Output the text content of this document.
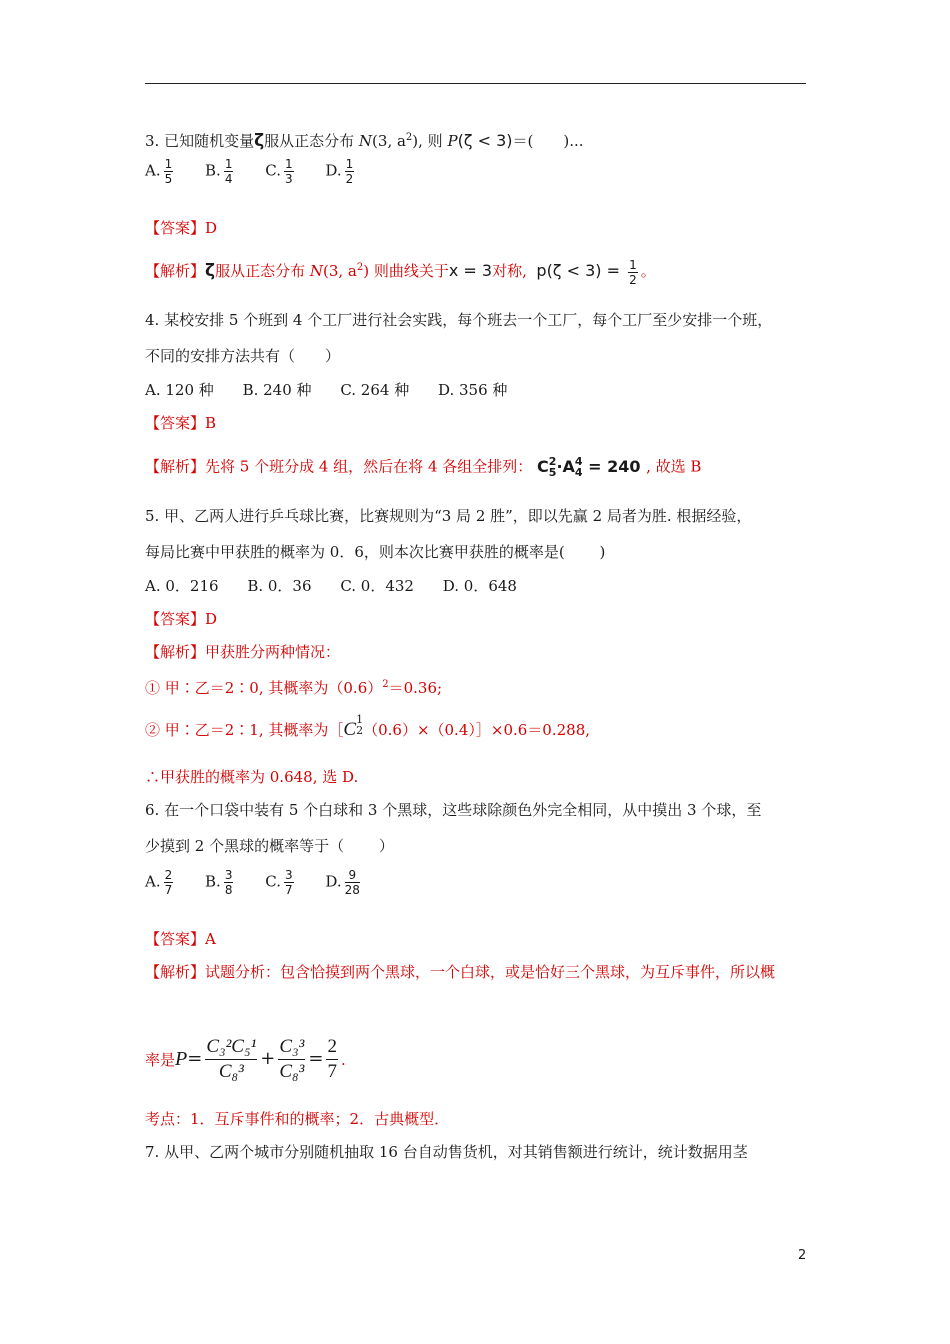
3. 已知随机变量ζ服从正态分布 N(3, $a^2$), 则 P(ζ < 3)＝(　　)...
A. $\frac{1}{5} B$. $\frac{1}{4} C$. $\frac{1}{3} D$. $\frac{1}{2}$
【答案】D
【解析】ζ服从正态分布 N(3, $a^2$) 则曲线关于x = 3对称, $p(\zeta < 3) = \frac{1}{2}$ 。
4. 某校安排 5 个班到 4 个工厂进行社会实践，每个班去一个工厂，每个工厂至少安排一个班，
不同的安排方法共有（　　）
A. 120 种 B. 240 种 C. 264 种 D. 356 种
【答案】B
【解析】先将 5 个班分成 4 组，然后在将 4 各组全排列： C 2
5 ·A 4
4 = 240 , 故选 B
5. 甲、乙两人进行乒乓球比赛，比赛规则为“3 局 2 胜”，即以先赢 2 局者为胜. 根据经验，
每局比赛中甲获胜的概率为 0．6，则本次比赛甲获胜的概率是(　　 )
A. 0．216 B. 0．36 C. 0．432 D. 0．648
【答案】D
【解析】甲获胜分两种情况：
① 甲∶乙＝2∶0, 其概率为$(0.6)^2=0.36$;
② 甲∶乙＝2∶1, 其概率为［C 1
2 （0.6）×（0.4）］×0.6＝0.288,
∴甲获胜的概率为 0.648, 选 D.
6. 在一个口袋中装有 5 个白球和 3 个黑球，这些球除颜色外完全相同，从中摸出 3 个球，至
少摸到 2 个黑球的概率等于（　　 ）
A. $\frac{2}{7} B$. $\frac{3}{8} C$. $\frac{3}{7} D$. $\frac{9}{28}$
【答案】A
【解析】试题分析：包含恰摸到两个黑球，一个白球，或是恰好三个黑球，为互斥事件，所以概
率是 $P = \frac{\text{C₃²C₅¹}}{\text{C₈³}} + \frac{\text{C₃³}}{\text{C₈³}} = \frac{2}{7}$ .
考点：1．互斥事件和的概率；2．古典概型．
7. 从甲、乙两个城市分别随机抽取 16 台自动售货机，对其销售额进行统计，统计数据用茎
2
